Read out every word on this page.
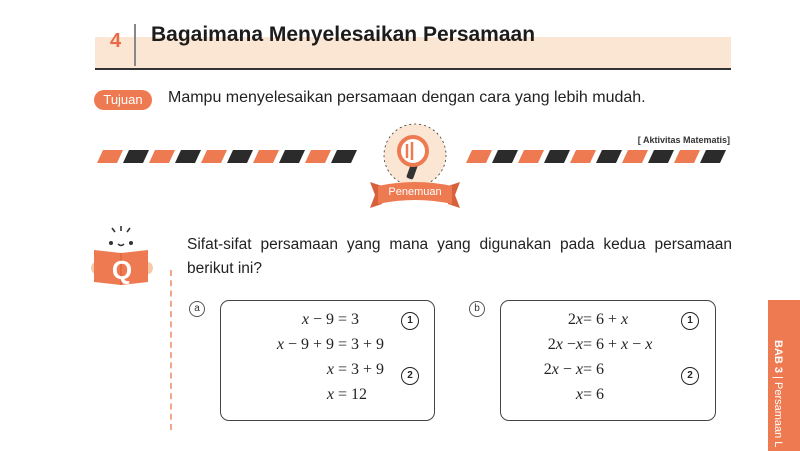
4 Bagaimana Menyelesaikan Persamaan
Tujuan	Mampu menyelesaikan persamaan dengan cara yang lebih mudah.
[ Aktivitas Matematis]
Penemuan
Q
Sifat-sifat persamaan yang mana yang digunakan pada kedua persamaan berikut ini?
a
x − 9 = 3
x − 9 + 9 = 3 + 9
x = 3 + 9
x = 12
1
2
b
2x = 6 + x
2x −x = 6 + x − x
2x − x = 6
x = 6
1
2
BAB 3 | Persamaan L
